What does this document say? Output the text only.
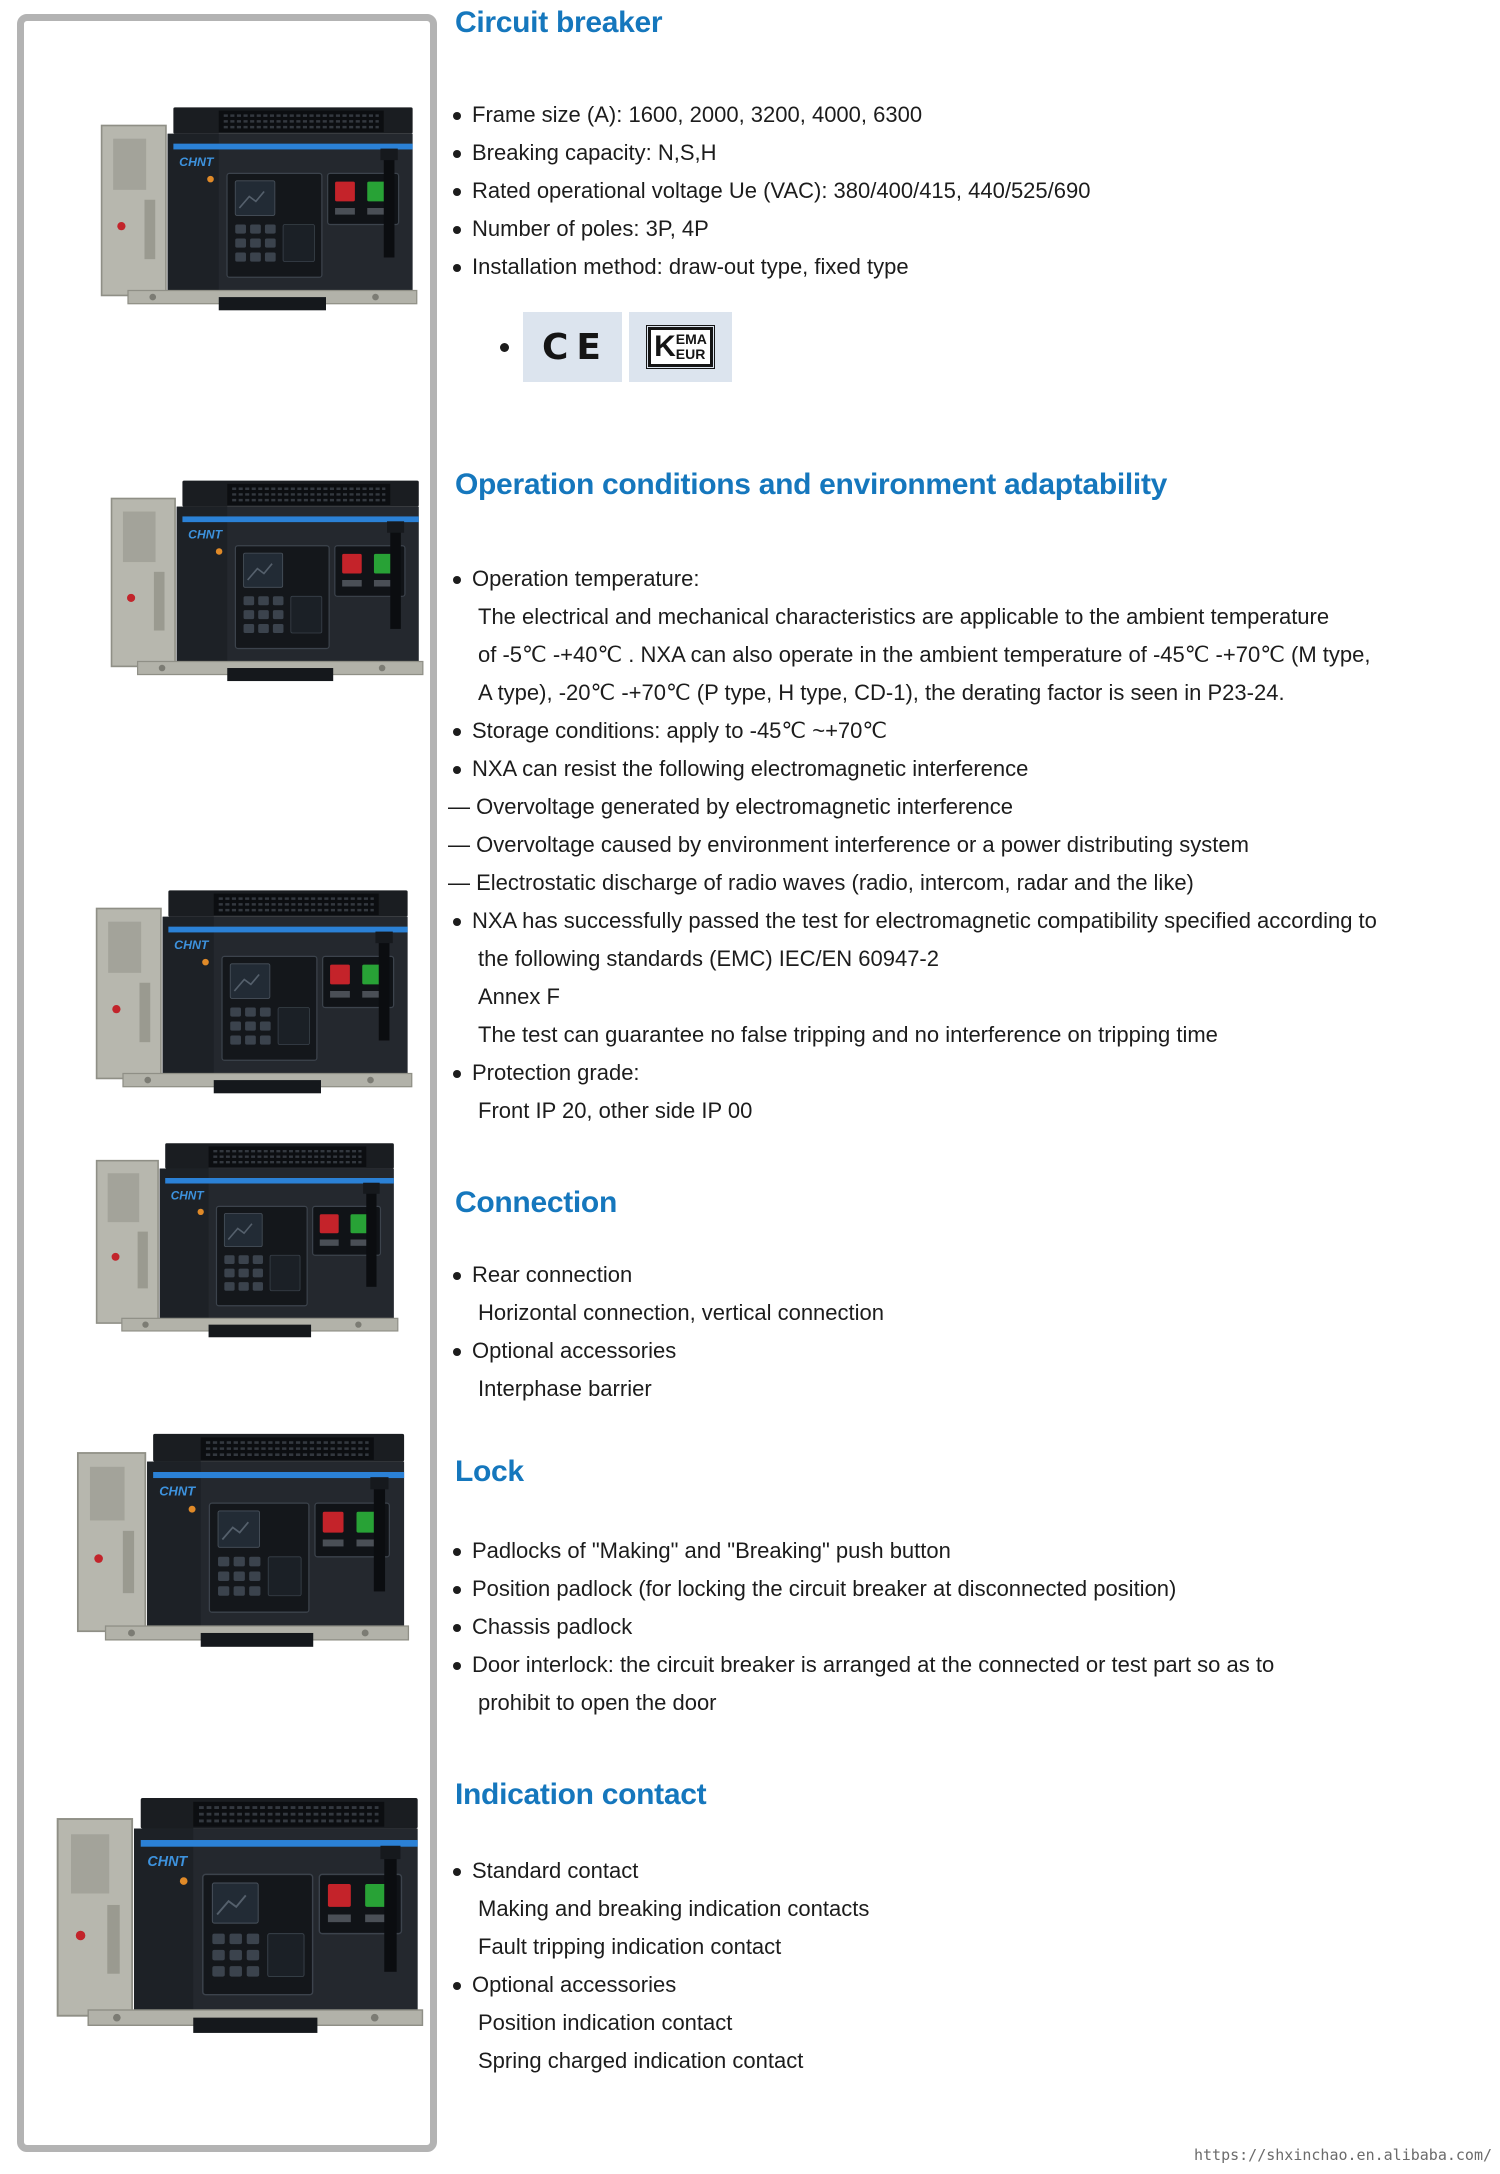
Circuit breaker
Frame size (A): 1600, 2000, 3200, 4000, 6300
Breaking capacity: N,S,H
Rated operational voltage Ue (VAC): 380/400/415, 440/525/690
Number of poles: 3P, 4P
Installation method: draw-out type, fixed type
CE K EMA
EUR
Operation conditions and environment adaptability
Operation temperature:
The electrical and mechanical characteristics are applicable to the ambient temperature
of -5℃ -+40℃ . NXA can also operate in the ambient temperature of -45℃ -+70℃ (M type,
A type), -20℃ -+70℃ (P type, H type, CD-1), the derating factor is seen in P23-24.
Storage conditions: apply to -45℃ ~+70℃
NXA can resist the following electromagnetic interference
— Overvoltage generated by electromagnetic interference
— Overvoltage caused by environment interference or a power distributing system
— Electrostatic discharge of radio waves (radio, intercom, radar and the like)
NXA has successfully passed the test for electromagnetic compatibility specified according to
the following standards (EMC) IEC/EN 60947-2
Annex F
The test can guarantee no false tripping and no interference on tripping time
Protection grade:
Front IP 20, other side IP 00
Connection
Rear connection
Horizontal connection, vertical connection
Optional accessories
Interphase barrier
Lock
Padlocks of "Making" and "Breaking" push button
Position padlock (for locking the circuit breaker at disconnected position)
Chassis padlock
Door interlock: the circuit breaker is arranged at the connected or test part so as to
prohibit to open the door
Indication contact
Standard contact
Making and breaking indication contacts
Fault tripping indication contact
Optional accessories
Position indication contact
Spring charged indication contact
https://shxinchao.en.alibaba.com/
